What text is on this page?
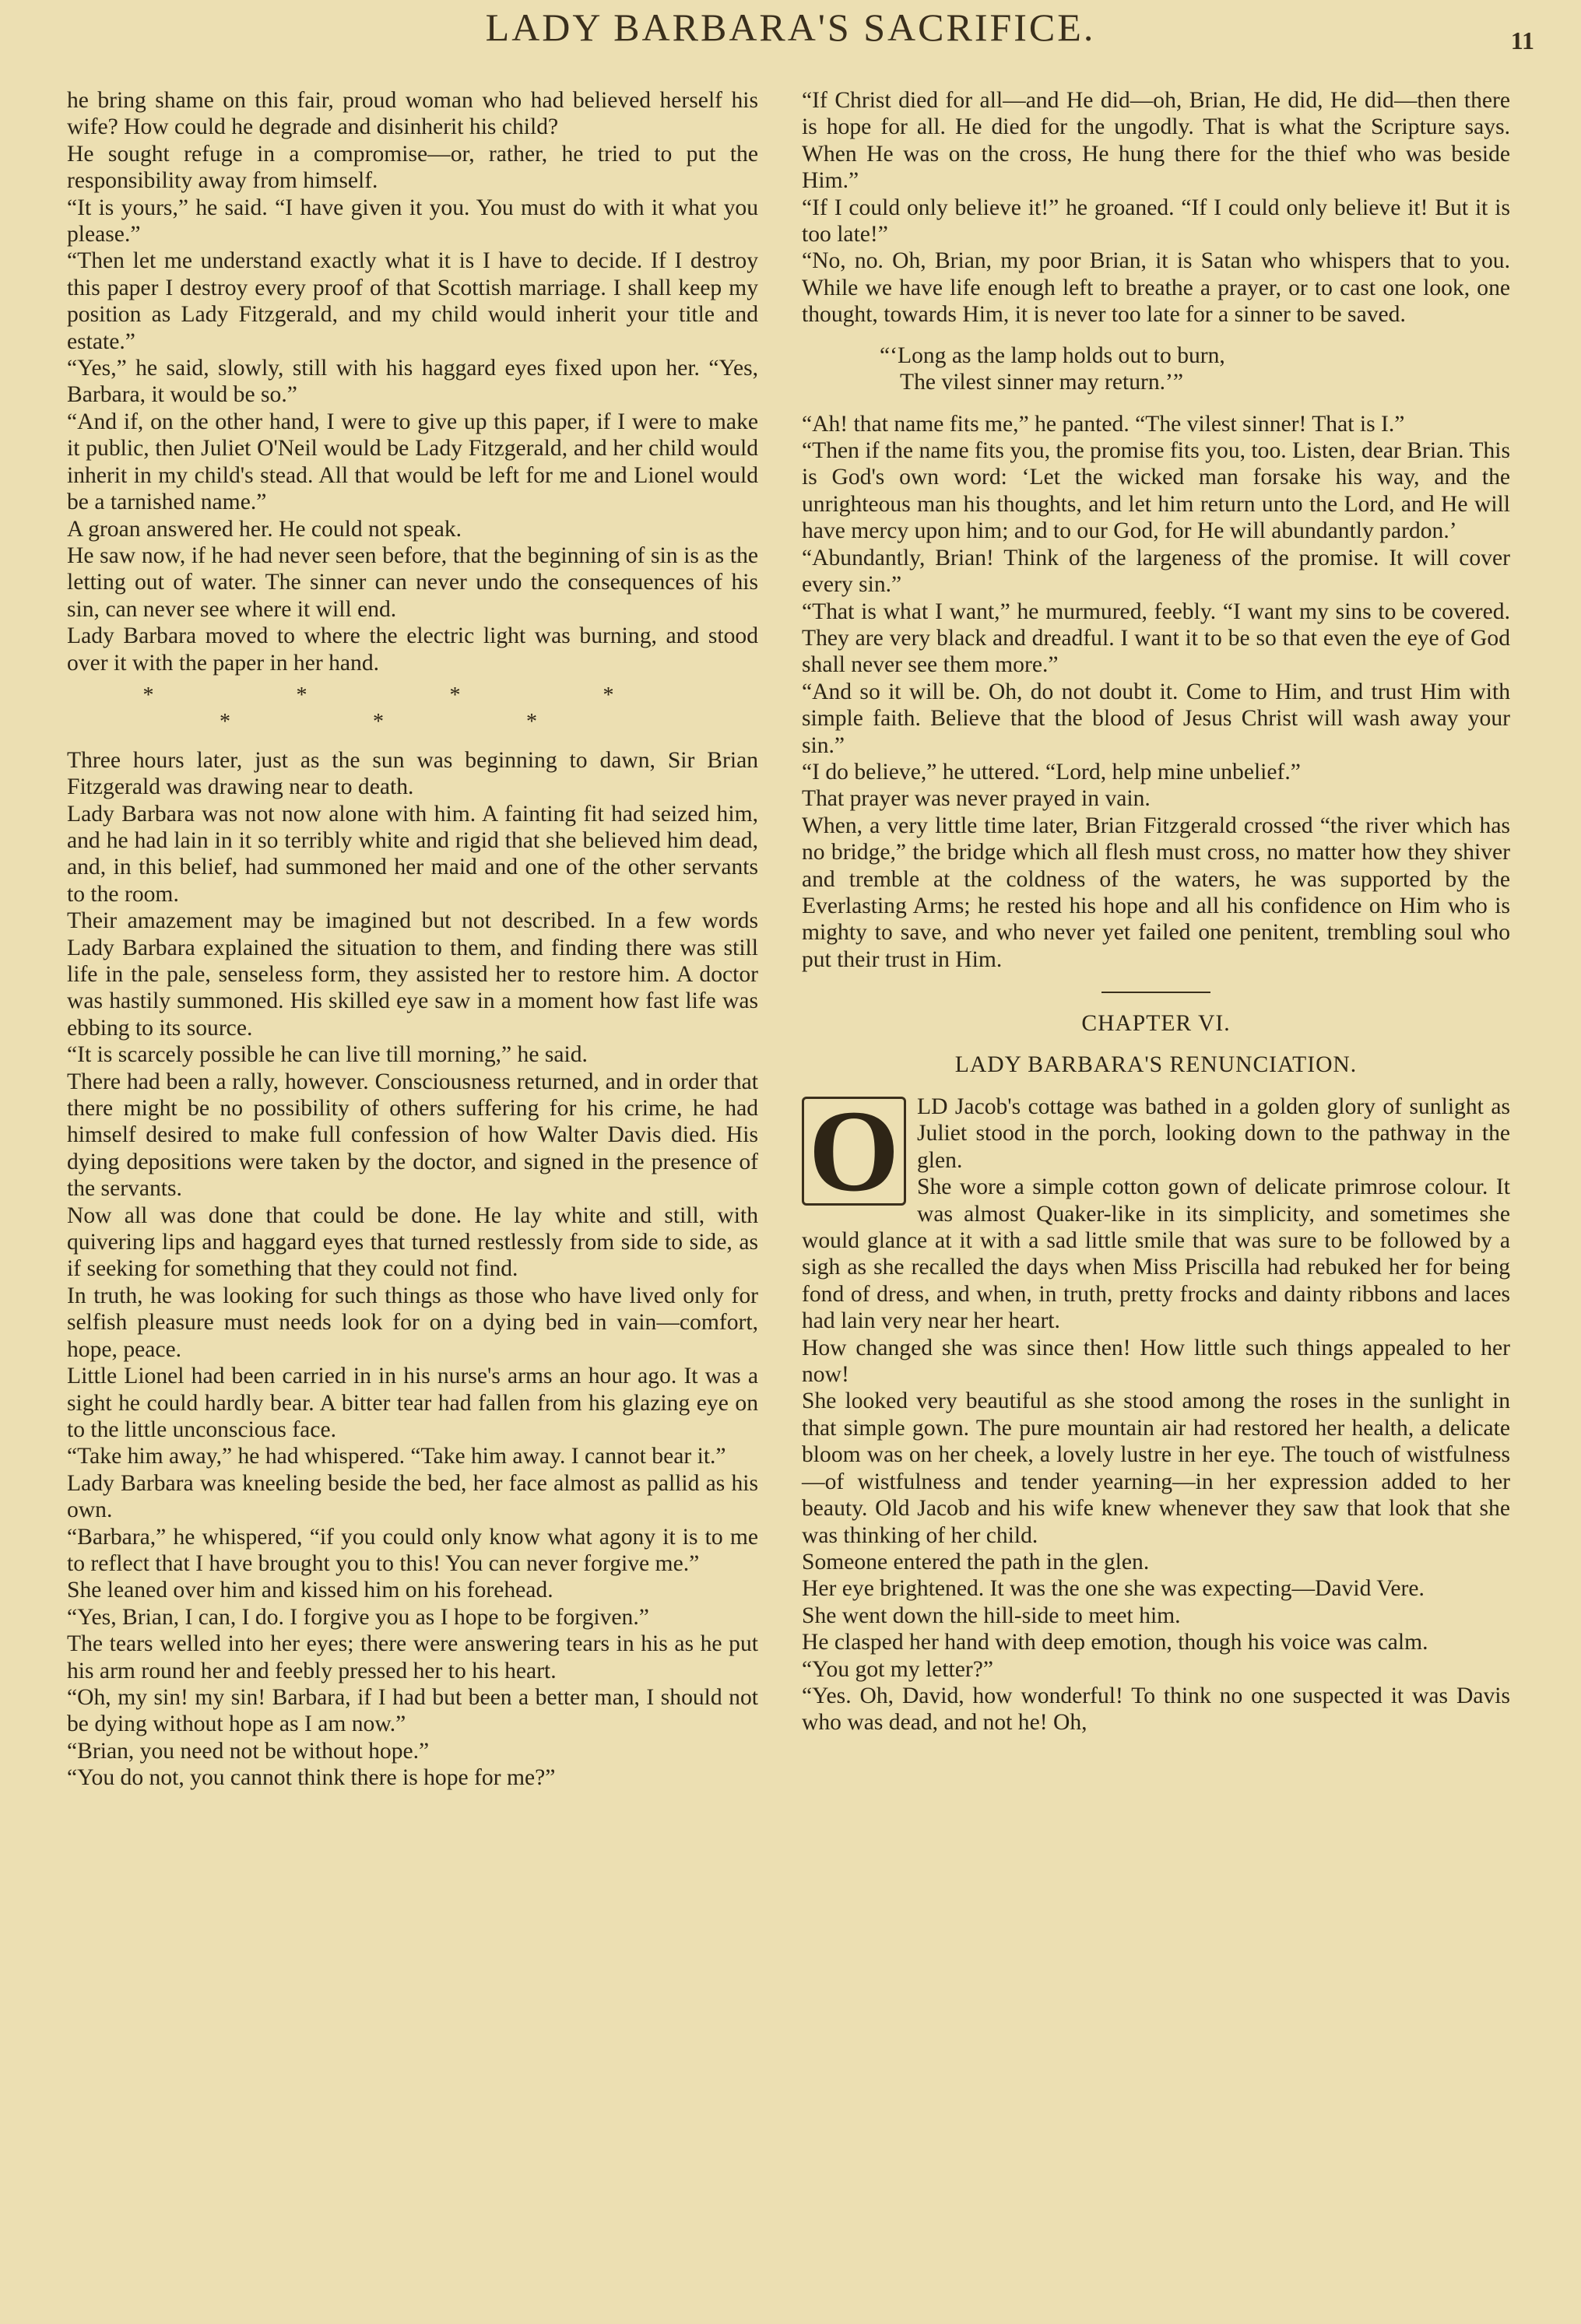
LADY BARBARA'S SACRIFICE.	11

he bring shame on this fair, proud woman who had believed herself his wife? How could he degrade and disinherit his child?

He sought refuge in a compromise—or, rather, he tried to put the responsibility away from himself.

“It is yours,” he said. “I have given it you. You must do with it what you please.”

“Then let me understand exactly what it is I have to decide. If I destroy this paper I destroy every proof of that Scottish marriage. I shall keep my position as Lady Fitzgerald, and my child would inherit your title and estate.”

“Yes,” he said, slowly, still with his haggard eyes fixed upon her. “Yes, Barbara, it would be so.”

“And if, on the other hand, I were to give up this paper, if I were to make it public, then Juliet O'Neil would be Lady Fitzgerald, and her child would inherit in my child's stead. All that would be left for me and Lionel would be a tarnished name.”

A groan answered her. He could not speak.

He saw now, if he had never seen before, that the beginning of sin is as the letting out of water. The sinner can never undo the consequences of his sin, can never see where it will end.

Lady Barbara moved to where the electric light was burning, and stood over it with the paper in her hand.

* * * * * * *

Three hours later, just as the sun was beginning to dawn, Sir Brian Fitzgerald was drawing near to death.

Lady Barbara was not now alone with him. A fainting fit had seized him, and he had lain in it so terribly white and rigid that she believed him dead, and, in this belief, had summoned her maid and one of the other servants to the room.

Their amazement may be imagined but not described. In a few words Lady Barbara explained the situation to them, and finding there was still life in the pale, senseless form, they assisted her to restore him. A doctor was hastily summoned. His skilled eye saw in a moment how fast life was ebbing to its source.

“It is scarcely possible he can live till morning,” he said.

There had been a rally, however. Consciousness returned, and in order that there might be no possibility of others suffering for his crime, he had himself desired to make full confession of how Walter Davis died. His dying depositions were taken by the doctor, and signed in the presence of the servants.

Now all was done that could be done. He lay white and still, with quivering lips and haggard eyes that turned restlessly from side to side, as if seeking for something that they could not find.

In truth, he was looking for such things as those who have lived only for selfish pleasure must needs look for on a dying bed in vain—comfort, hope, peace.

Little Lionel had been carried in in his nurse's arms an hour ago. It was a sight he could hardly bear. A bitter tear had fallen from his glazing eye on to the little unconscious face.

“Take him away,” he had whispered. “Take him away. I cannot bear it.”

Lady Barbara was kneeling beside the bed, her face almost as pallid as his own.

“Barbara,” he whispered, “if you could only know what agony it is to me to reflect that I have brought you to this! You can never forgive me.”

She leaned over him and kissed him on his forehead.

“Yes, Brian, I can, I do. I forgive you as I hope to be forgiven.”

The tears welled into her eyes; there were answering tears in his as he put his arm round her and feebly pressed her to his heart.

“Oh, my sin! my sin! Barbara, if I had but been a better man, I should not be dying without hope as I am now.”

“Brian, you need not be without hope.”

“You do not, you cannot think there is hope for me?”

“If Christ died for all—and He did—oh, Brian, He did, He did—then there is hope for all. He died for the ungodly. That is what the Scripture says. When He was on the cross, He hung there for the thief who was beside Him.”

“If I could only believe it!” he groaned. “If I could only believe it! But it is too late!”

“No, no. Oh, Brian, my poor Brian, it is Satan who whispers that to you. While we have life enough left to breathe a prayer, or to cast one look, one thought, towards Him, it is never too late for a sinner to be saved.

“‘Long as the lamp holds out to burn,
The vilest sinner may return.’”

“Ah! that name fits me,” he panted. “The vilest sinner! That is I.”

“Then if the name fits you, the promise fits you, too. Listen, dear Brian. This is God's own word: ‘Let the wicked man forsake his way, and the unrighteous man his thoughts, and let him return unto the Lord, and He will have mercy upon him; and to our God, for He will abundantly pardon.’

“Abundantly, Brian! Think of the largeness of the promise. It will cover every sin.”

“That is what I want,” he murmured, feebly. “I want my sins to be covered. They are very black and dreadful. I want it to be so that even the eye of God shall never see them more.”

“And so it will be. Oh, do not doubt it. Come to Him, and trust Him with simple faith. Believe that the blood of Jesus Christ will wash away your sin.”

“I do believe,” he uttered. “Lord, help mine unbelief.”

That prayer was never prayed in vain.

When, a very little time later, Brian Fitzgerald crossed “the river which has no bridge,” the bridge which all flesh must cross, no matter how they shiver and tremble at the coldness of the waters, he was supported by the Everlasting Arms; he rested his hope and all his confidence on Him who is mighty to save, and who never yet failed one penitent, trembling soul who put their trust in Him.

CHAPTER VI.
LADY BARBARA'S RENUNCIATION.

O LD Jacob's cottage was bathed in a golden glory of sunlight as Juliet stood in the porch, looking down to the pathway in the glen.

She wore a simple cotton gown of delicate primrose colour. It was almost Quaker-like in its simplicity, and sometimes she would glance at it with a sad little smile that was sure to be followed by a sigh as she recalled the days when Miss Priscilla had rebuked her for being fond of dress, and when, in truth, pretty frocks and dainty ribbons and laces had lain very near her heart.

How changed she was since then! How little such things appealed to her now!

She looked very beautiful as she stood among the roses in the sunlight in that simple gown. The pure mountain air had restored her health, a delicate bloom was on her cheek, a lovely lustre in her eye. The touch of wistfulness—of wistfulness and tender yearning—in her expression added to her beauty. Old Jacob and his wife knew whenever they saw that look that she was thinking of her child.

Someone entered the path in the glen.

Her eye brightened. It was the one she was expecting—David Vere.

She went down the hill-side to meet him.

He clasped her hand with deep emotion, though his voice was calm.

“You got my letter?”

“Yes. Oh, David, how wonderful! To think no one suspected it was Davis who was dead, and not he! Oh,
